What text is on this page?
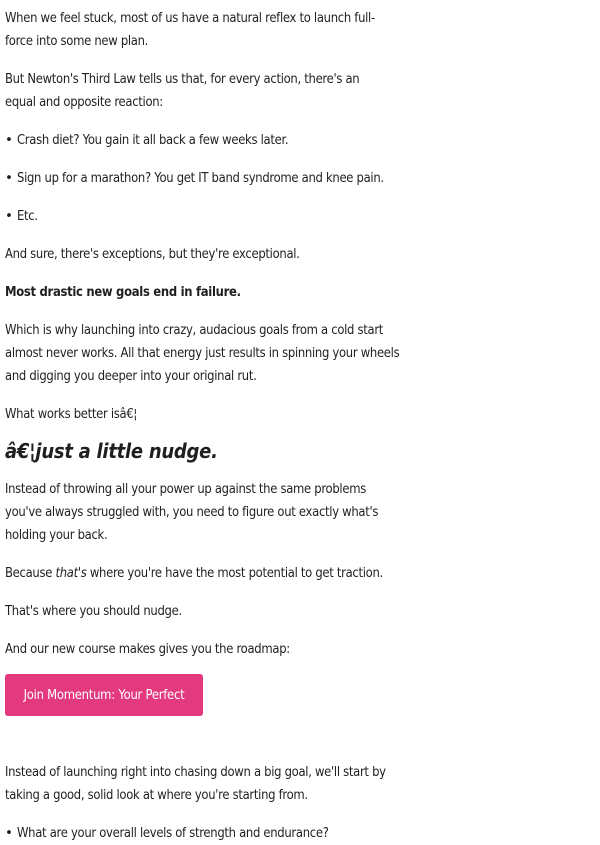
When we feel stuck, most of us have a natural reflex to launch full-force into some new plan.

But Newton's Third Law tells us that, for every action, there's an equal and opposite reaction:

• Crash diet? You gain it all back a few weeks later.

• Sign up for a marathon? You get IT band syndrome and knee pain.

• Etc.

And sure, there's exceptions, but they're exceptional.

Most drastic new goals end in failure.

Which is why launching into crazy, audacious goals from a cold start almost never works. All that energy just results in spinning your wheels and digging you deeper into your original rut.

What works better isâ€¦

â€¦just a little nudge.

Instead of throwing all your power up against the same problems you've always struggled with, you need to figure out exactly what's holding your back.

Because that's where you're have the most potential to get traction.

That's where you should nudge.

And our new course makes gives you the roadmap:

Join Momentum: Your Perfect Nudge

Instead of launching right into chasing down a big goal, we'll start by taking a good, solid look at where you're starting from.

• What are your overall levels of strength and endurance?
